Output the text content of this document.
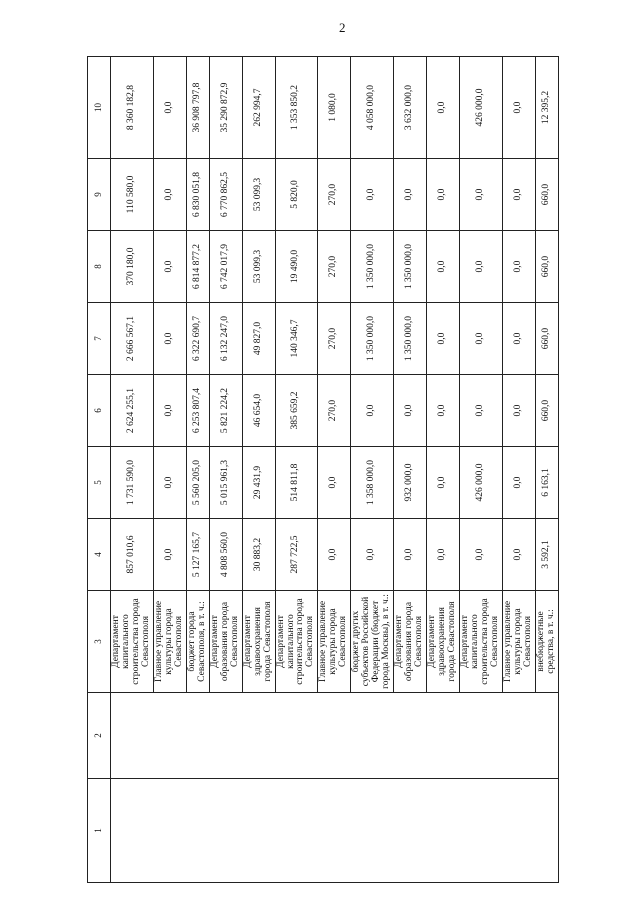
2
1	2	3	4	5	6	7	8	9	10
		Департамент капитального строительства города Севастополя	857 010,6	1 731 590,0	2 624 255,1	2 666 567,1	370 180,0	110 580,0	8 360 182,8
		Главное управление культуры города Севастополя	0,0	0,0	0,0	0,0	0,0	0,0	0,0
		бюджет города Севастополя, в т. ч.:	5 127 165,7	5 560 205,0	6 253 807,4	6 322 690,7	6 814 877,2	6 830 051,8	36 908 797,8
		Департамент образования города Севастополя	4 808 560,0	5 015 961,3	5 821 224,2	6 132 247,0	6 742 017,9	6 770 862,5	35 290 872,9
		Департамент здравоохранения города Севастополя	30 883,2	29 431,9	46 654,0	49 827,0	53 099,3	53 099,3	262 994,7
		Департамент капитального строительства города Севастополя	287 722,5	514 811,8	385 659,2	140 346,7	19 490,0	5 820,0	1 353 850,2
		Главное управление культуры города Севастополя	0,0	0,0	270,0	270,0	270,0	270,0	1 080,0
		бюджет других субъектов Российской Федерации (бюджет города Москвы), в т. ч.:	0,0	1 358 000,0	0,0	1 350 000,0	1 350 000,0	0,0	4 058 000,0
		Департамент образования города Севастополя	0,0	932 000,0	0,0	1 350 000,0	1 350 000,0	0,0	3 632 000,0
		Департамент здравоохранения города Севастополя	0,0	0,0	0,0	0,0	0,0	0,0	0,0
		Департамент капитального строительства города Севастополя	0,0	426 000,0	0,0	0,0	0,0	0,0	426 000,0
		Главное управление культуры города Севастополя	0,0	0,0	0,0	0,0	0,0	0,0	0,0
		внебюджетные средства, в т. ч.:	3 592,1	6 163,1	660,0	660,0	660,0	660,0	12 395,2
